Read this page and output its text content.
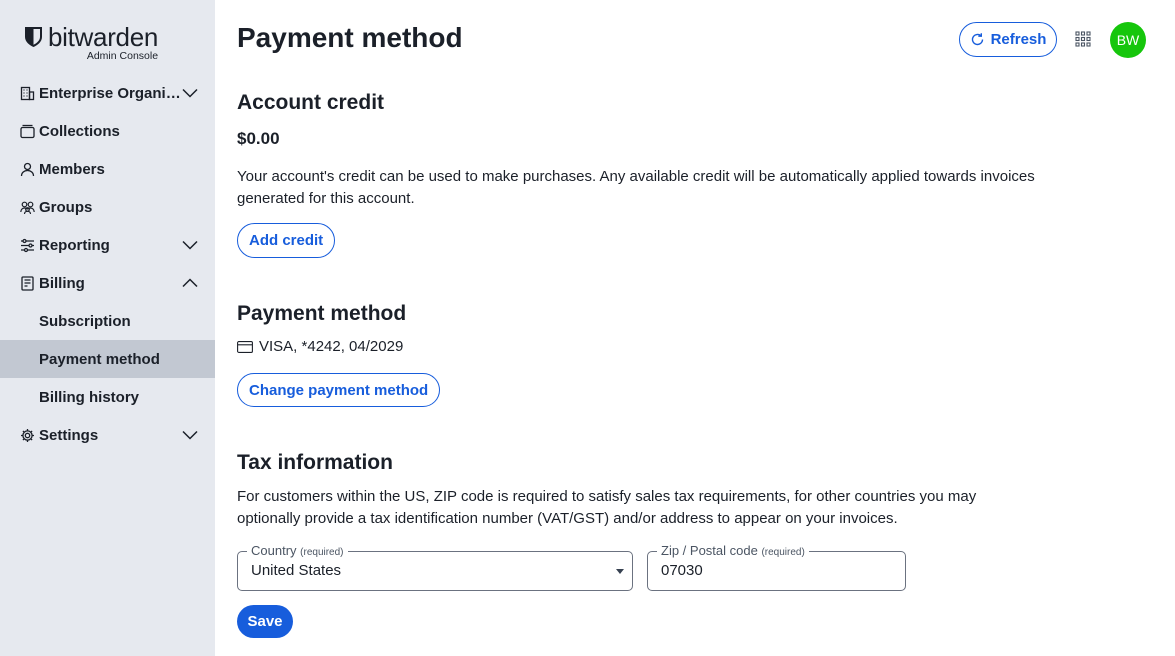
bitwarden
Admin Console
Enterprise Organi…
Collections
Members
Groups
Reporting
Billing
Subscription
Payment method
Billing history
Settings
Payment method	Refresh	BW
Account credit
$0.00

Your account's credit can be used to make purchases. Any available credit will be automatically applied towards invoices generated for this account.

Add credit
Payment method
VISA, *4242, 04/2029
Change payment method
Tax information

For customers within the US, ZIP code is required to satisfy sales tax requirements, for other countries you may optionally provide a tax identification number (VAT/GST) and/or address to appear on your invoices.

Country (required)
United States
Zip / Postal code (required)
07030
Save
